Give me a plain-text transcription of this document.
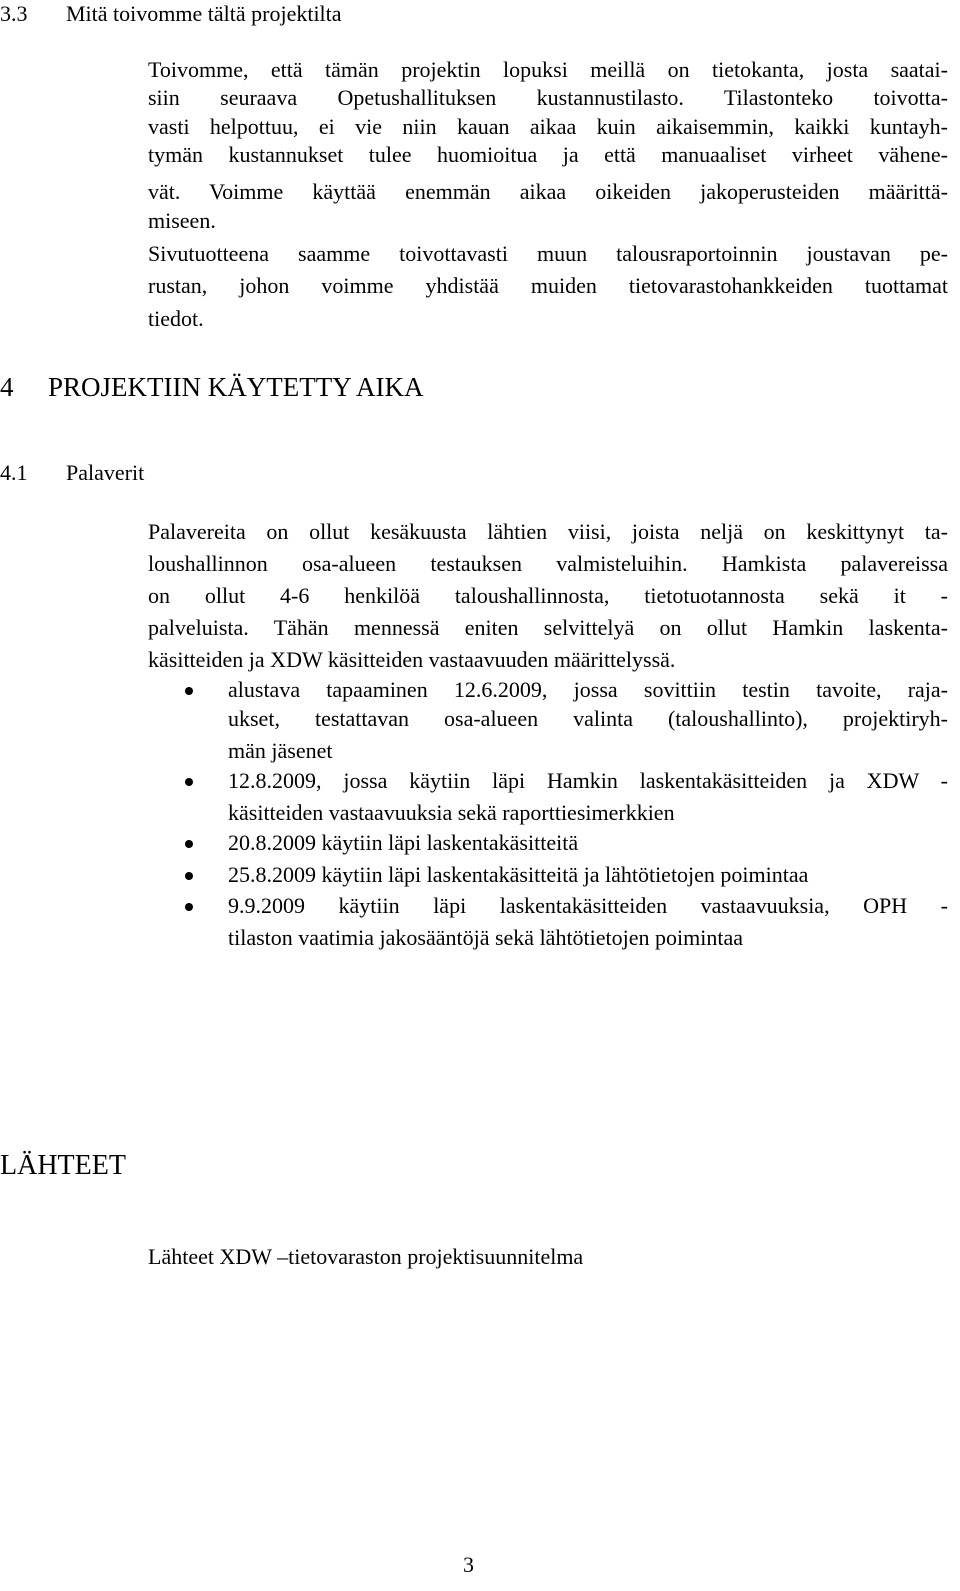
3.3 Mitä toivomme tältä projektilta
Toivomme, että tämän projektin lopuksi meillä on tietokanta, josta saatai-
siin seuraava Opetushallituksen kustannustilasto. Tilastonteko toivotta-
vasti helpottuu, ei vie niin kauan aikaa kuin aikaisemmin, kaikki kuntayh-
tymän kustannukset tulee huomioitua ja että manuaaliset virheet vähene-
vät. Voimme käyttää enemmän aikaa oikeiden jakoperusteiden määrittä-
miseen.
Sivutuotteena saamme toivottavasti muun talousraportoinnin joustavan pe-
rustan, johon voimme yhdistää muiden tietovarastohankkeiden tuottamat
tiedot.
4 PROJEKTIIN KÄYTETTY AIKA
4.1 Palaverit
Palavereita on ollut kesäkuusta lähtien viisi, joista neljä on keskittynyt ta-
loushallinnon osa-alueen testauksen valmisteluihin. Hamkista palavereissa
on ollut 4-6 henkilöä taloushallinnosta, tietotuotannosta sekä it -
palveluista. Tähän mennessä eniten selvittelyä on ollut Hamkin laskenta-
käsitteiden ja XDW käsitteiden vastaavuuden määrittelyssä.
alustava tapaaminen 12.6.2009, jossa sovittiin testin tavoite, raja-
ukset, testattavan osa-alueen valinta (taloushallinto), projektiryh-
män jäsenet
12.8.2009, jossa käytiin läpi Hamkin laskentakäsitteiden ja XDW -
käsitteiden vastaavuuksia sekä raporttiesimerkkien
20.8.2009 käytiin läpi laskentakäsitteitä
25.8.2009 käytiin läpi laskentakäsitteitä ja lähtötietojen poimintaa
9.9.2009 käytiin läpi laskentakäsitteiden vastaavuuksia, OPH -
tilaston vaatimia jakosääntöjä sekä lähtötietojen poimintaa
LÄHTEET
Lähteet XDW –tietovaraston projektisuunnitelma
3
